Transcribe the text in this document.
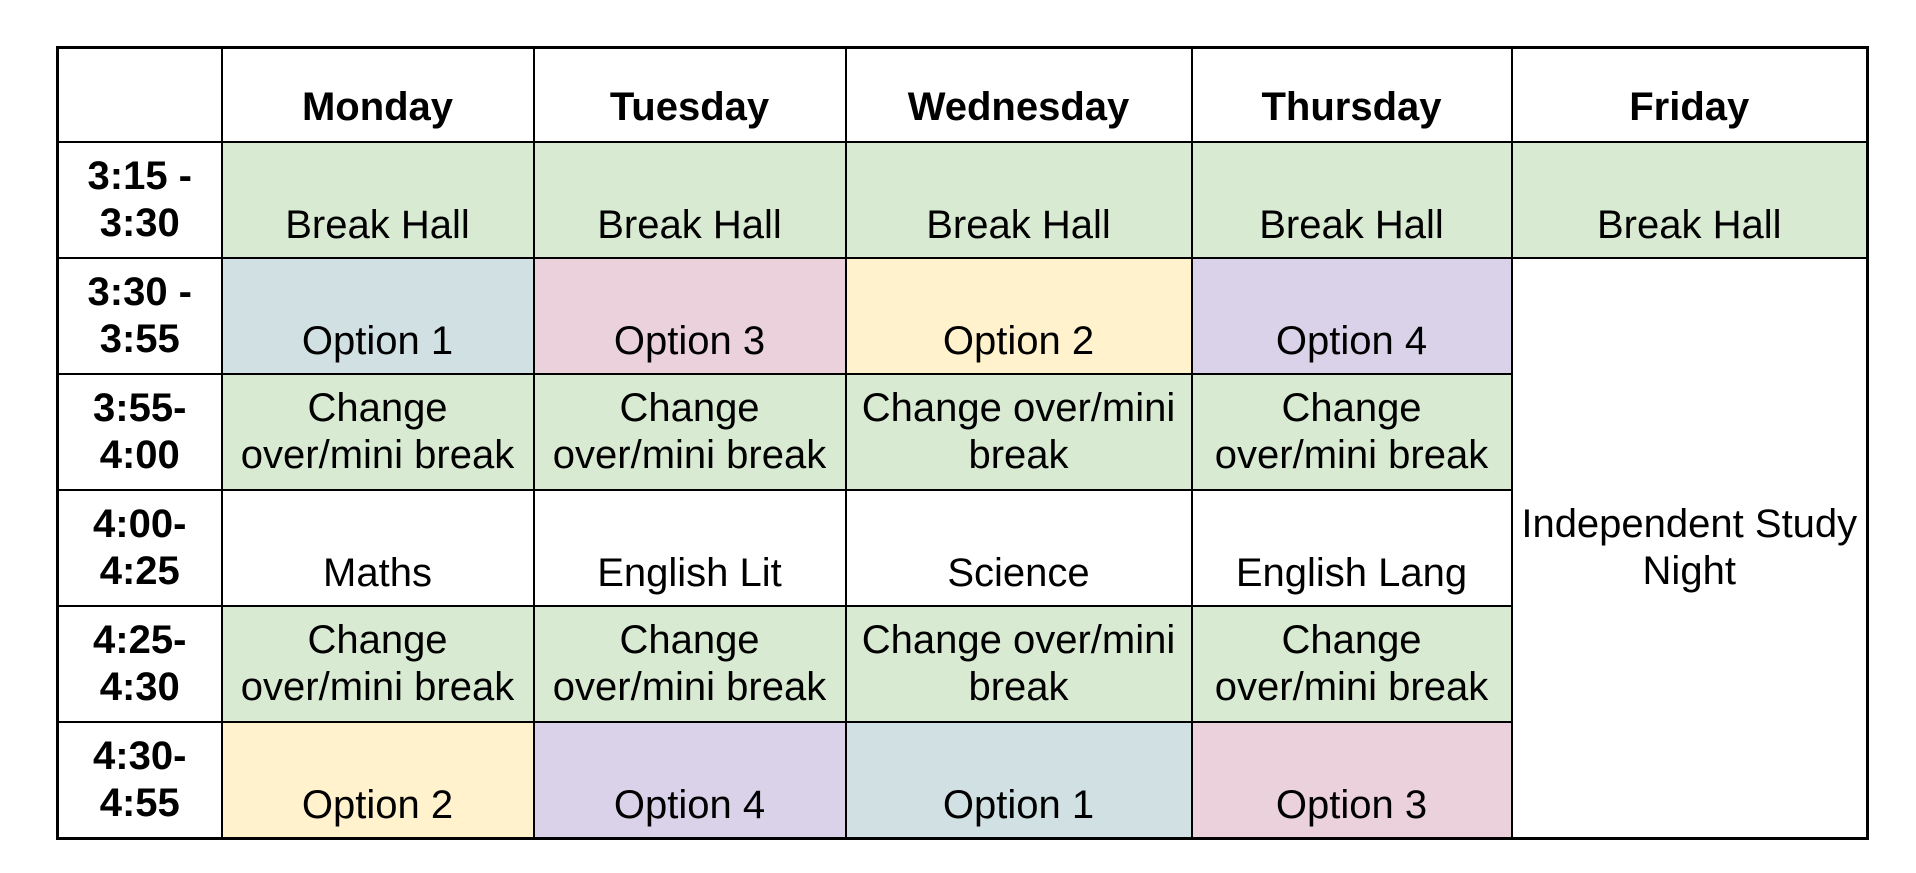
	Monday	Tuesday	Wednesday	Thursday	Friday

3:15 -
3:30	Break Hall	Break Hall	Break Hall	Break Hall	Break Hall

3:30 -
3:55	Option 1	Option 3	Option 2	Option 4	Independent Study Night

3:55-
4:00	Change over/mini break	Change over/mini break	Change over/mini break	Change over/mini break	

4:00-
4:25	Maths	English Lit	Science	English Lang	

4:25-
4:30	Change over/mini break	Change over/mini break	Change over/mini break	Change over/mini break	

4:30-
4:55	Option 2	Option 4	Option 1	Option 3	
